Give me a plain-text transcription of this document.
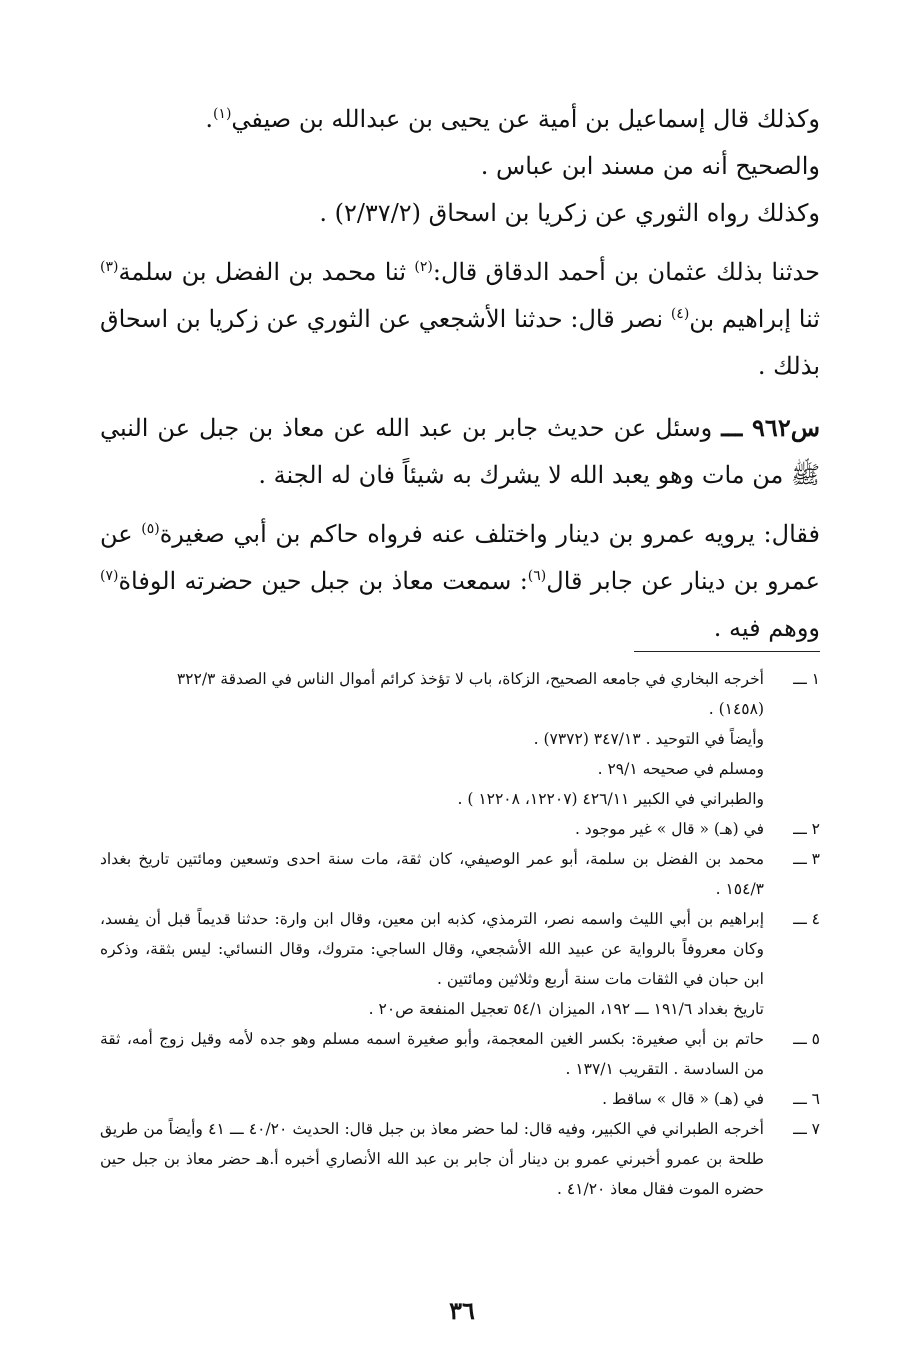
وكذلك قال إسماعيل بن أمية عن يحيى بن عبدالله بن صيفي$^{(١)}$.

والصحيح أنه من مسند ابن عباس .

وكذلك رواه الثوري عن زكريا بن اسحاق (٢/٣٧/٢) .

حدثنا بذلك عثمان بن أحمد الدقاق قال:$^{(٢)}$ ثنا محمد بن الفضل بن سلمة$^{(٣)}$ ثنا إبراهيم بن$^{(٤)}$ نصر قال: حدثنا الأشجعي عن الثوري عن زكريا بن اسحاق بذلك .

س٩٦٢ ـــ وسئل عن حديث جابر بن عبد الله عن معاذ بن جبل عن النبي ﷺ من مات وهو يعبد الله لا يشرك به شيئاً فان له الجنة .

فقال: يرويه عمرو بن دينار واختلف عنه فرواه حاكم بن أبي صغيرة$^{(٥)}$ عن عمرو بن دينار عن جابر قال$^{(٦)}$: سمعت معاذ بن جبل حين حضرته الوفاة$^{(٧)}$ ووهم فيه .

١ ـــ
أخرجه البخاري في جامعه الصحيح، الزكاة، باب لا تؤخذ كرائم أموال الناس في الصدقة ٣٢٢/٣
(١٤٥٨) .
وأيضاً في التوحيد . ٣٤٧/١٣ (٧٣٧٢) .
ومسلم في صحيحه ٢٩/١ .
والطبراني في الكبير ٤٢٦/١١ (١٢٢٠٧، ١٢٢٠٨ ) .
٢ ـــ
في (هـ) « قال » غير موجود .
٣ ـــ
محمد بن الفضل بن سلمة، أبو عمر الوصيفي، كان ثقة، مات سنة احدى وتسعين ومائتين تاريخ بغداد ١٥٤/٣ .
٤ ـــ
إبراهيم بن أبي الليث واسمه نصر، الترمذي، كذبه ابن معين، وقال ابن وارة: حدثنا قديماً قبل أن يفسد، وكان معروفاً بالرواية عن عبيد الله الأشجعي، وقال الساجي: متروك، وقال النسائي: ليس بثقة، وذكره ابن حبان في الثقات مات سنة أربع وثلاثين ومائتين .
تاريخ بغداد ١٩١/٦ ـــ ١٩٢، الميزان ٥٤/١ تعجيل المنفعة ص٢٠ .
٥ ـــ
حاتم بن أبي صغيرة: بكسر الغين المعجمة، وأبو صغيرة اسمه مسلم وهو جده لأمه وقيل زوج أمه، ثقة من السادسة . التقريب ١٣٧/١ .
٦ ـــ
في (هـ) « قال » ساقط .
٧ ـــ
أخرجه الطبراني في الكبير، وفيه قال: لما حضر معاذ بن جبل قال: الحديث ٤٠/٢٠ ـــ ٤١ وأيضاً من طريق طلحة بن عمرو أخبرني عمرو بن دينار أن جابر بن عبد الله الأنصاري أخبره أ.هـ حضر معاذ بن جبل حين حضره الموت فقال معاذ ٤١/٢٠ .
٣٦
